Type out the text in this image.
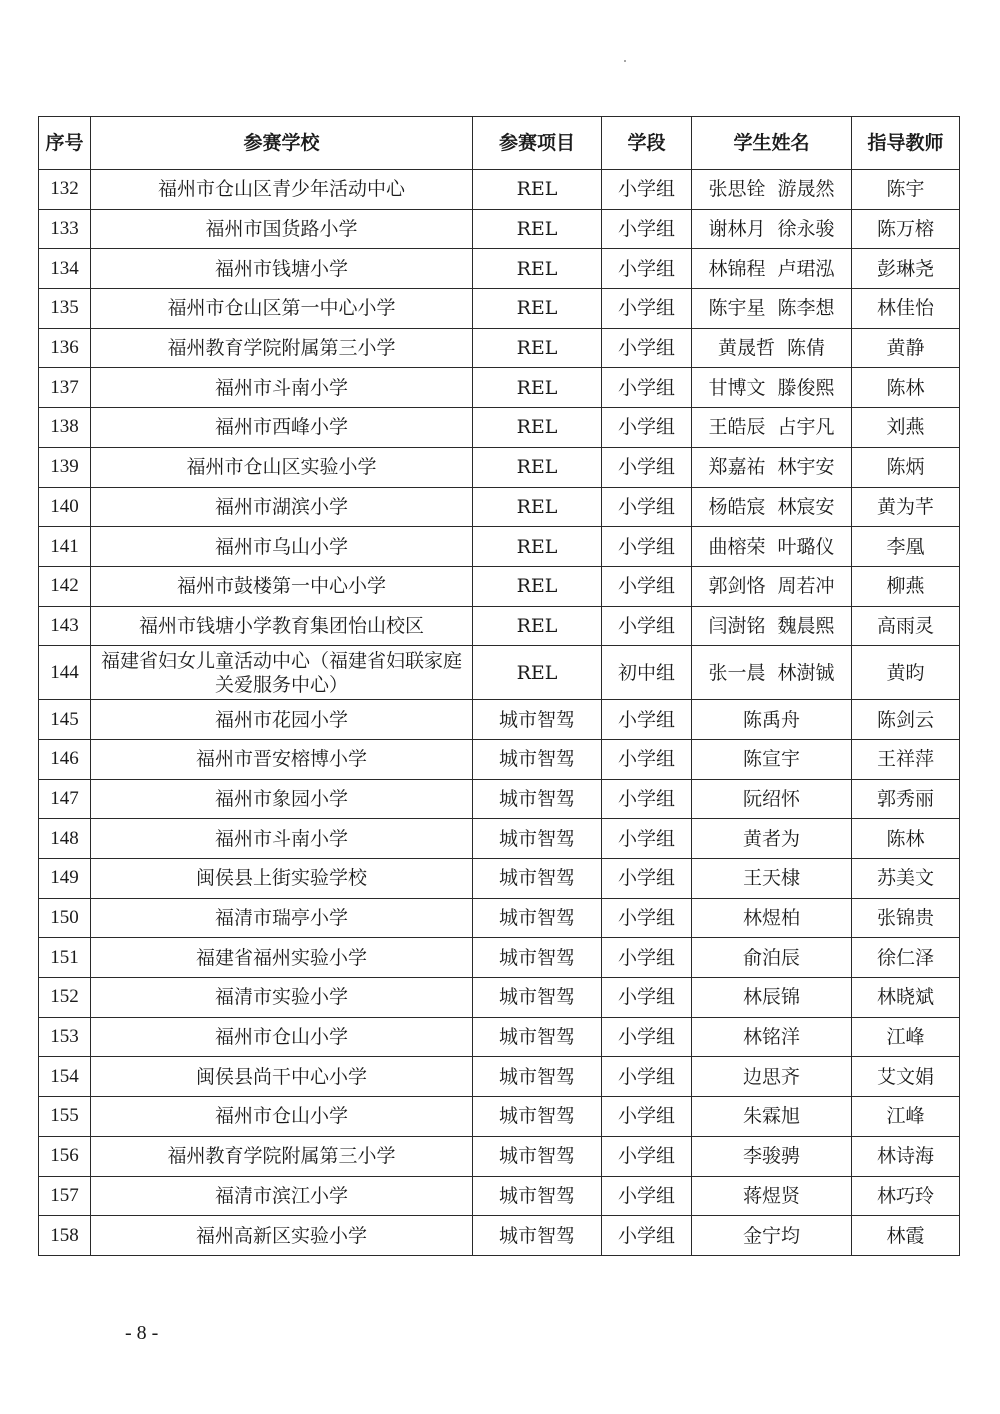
序号	参赛学校	参赛项目	学段	学生姓名	指导教师
132	福州市仓山区青少年活动中心	REL	小学组	张思铨  游晟然	陈宇
133	福州市国货路小学	REL	小学组	谢林月  徐永骏	陈万榕
134	福州市钱塘小学	REL	小学组	林锦程  卢珺泓	彭琳尧
135	福州市仓山区第一中心小学	REL	小学组	陈宇星  陈李想	林佳怡
136	福州教育学院附属第三小学	REL	小学组	黄晟哲  陈倩	黄静
137	福州市斗南小学	REL	小学组	甘博文  滕俊熙	陈林
138	福州市西峰小学	REL	小学组	王皓辰  占宇凡	刘燕
139	福州市仓山区实验小学	REL	小学组	郑嘉祐  林宇安	陈炳
140	福州市湖滨小学	REL	小学组	杨皓宸  林宸安	黄为芊
141	福州市乌山小学	REL	小学组	曲榕荣  叶璐仪	李凰
142	福州市鼓楼第一中心小学	REL	小学组	郭剑恪  周若冲	柳燕
143	福州市钱塘小学教育集团怡山校区	REL	小学组	闫澍铭  魏晨熙	高雨灵
144	福建省妇女儿童活动中心（福建省妇联家庭关爱服务中心）	REL	初中组	张一晨  林澍铖	黄昀
145	福州市花园小学	城市智驾	小学组	陈禹舟	陈剑云
146	福州市晋安榕博小学	城市智驾	小学组	陈宣宇	王祥萍
147	福州市象园小学	城市智驾	小学组	阮绍怀	郭秀丽
148	福州市斗南小学	城市智驾	小学组	黄者为	陈林
149	闽侯县上街实验学校	城市智驾	小学组	王天棣	苏美文
150	福清市瑞亭小学	城市智驾	小学组	林煜柏	张锦贵
151	福建省福州实验小学	城市智驾	小学组	俞泊辰	徐仁泽
152	福清市实验小学	城市智驾	小学组	林辰锦	林晓斌
153	福州市仓山小学	城市智驾	小学组	林铭洋	江峰
154	闽侯县尚干中心小学	城市智驾	小学组	边思齐	艾文娟
155	福州市仓山小学	城市智驾	小学组	朱霖旭	江峰
156	福州教育学院附属第三小学	城市智驾	小学组	李骏骋	林诗海
157	福清市滨江小学	城市智驾	小学组	蒋煜贤	林巧玲
158	福州高新区实验小学	城市智驾	小学组	金宁均	林霞
- 8 -
